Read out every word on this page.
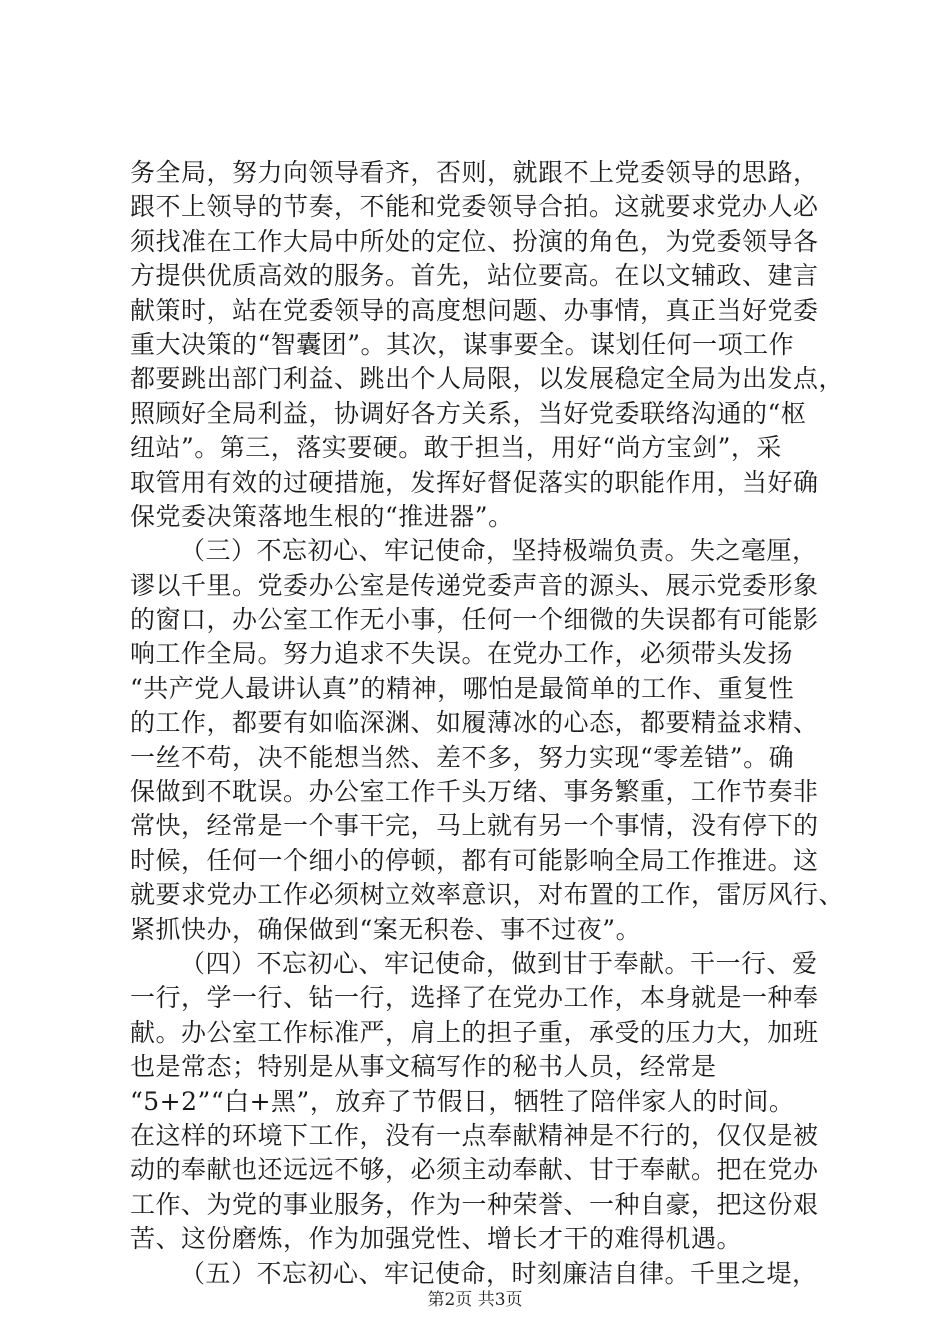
务全局，努力向领导看齐，否则，就跟不上党委领导的思路，
跟不上领导的节奏，不能和党委领导合拍。这就要求党办人必
须找准在工作大局中所处的定位、扮演的角色，为党委领导各
方提供优质高效的服务。首先，站位要高。在以文辅政、建言
献策时，站在党委领导的高度想问题、办事情，真正当好党委
重大决策的“智囊团”。其次，谋事要全。谋划任何一项工作
都要跳出部门利益、跳出个人局限，以发展稳定全局为出发点，
照顾好全局利益，协调好各方关系，当好党委联络沟通的“枢
纽站”。第三，落实要硬。敢于担当，用好“尚方宝剑”，采
取管用有效的过硬措施，发挥好督促落实的职能作用，当好确
保党委决策落地生根的“推进器”。
（三）不忘初心、牢记使命，坚持极端负责。失之毫厘，
谬以千里。党委办公室是传递党委声音的源头、展示党委形象
的窗口，办公室工作无小事，任何一个细微的失误都有可能影
响工作全局。努力追求不失误。在党办工作，必须带头发扬
“共产党人最讲认真”的精神，哪怕是最简单的工作、重复性
的工作，都要有如临深渊、如履薄冰的心态，都要精益求精、
一丝不苟，决不能想当然、差不多，努力实现“零差错”。确
保做到不耽误。办公室工作千头万绪、事务繁重，工作节奏非
常快，经常是一个事干完，马上就有另一个事情，没有停下的
时候，任何一个细小的停顿，都有可能影响全局工作推进。这
就要求党办工作必须树立效率意识，对布置的工作，雷厉风行、
紧抓快办，确保做到“案无积卷、事不过夜”。
（四）不忘初心、牢记使命，做到甘于奉献。干一行、爱
一行，学一行、钻一行，选择了在党办工作，本身就是一种奉
献。办公室工作标准严，肩上的担子重，承受的压力大，加班
也是常态；特别是从事文稿写作的秘书人员，经常是
“5+2”“白+黑”，放弃了节假日，牺牲了陪伴家人的时间。
在这样的环境下工作，没有一点奉献精神是不行的，仅仅是被
动的奉献也还远远不够，必须主动奉献、甘于奉献。把在党办
工作、为党的事业服务，作为一种荣誉、一种自豪，把这份艰
苦、这份磨炼，作为加强党性、增长才干的难得机遇。
（五）不忘初心、牢记使命，时刻廉洁自律。千里之堤，
第2页 共3页
